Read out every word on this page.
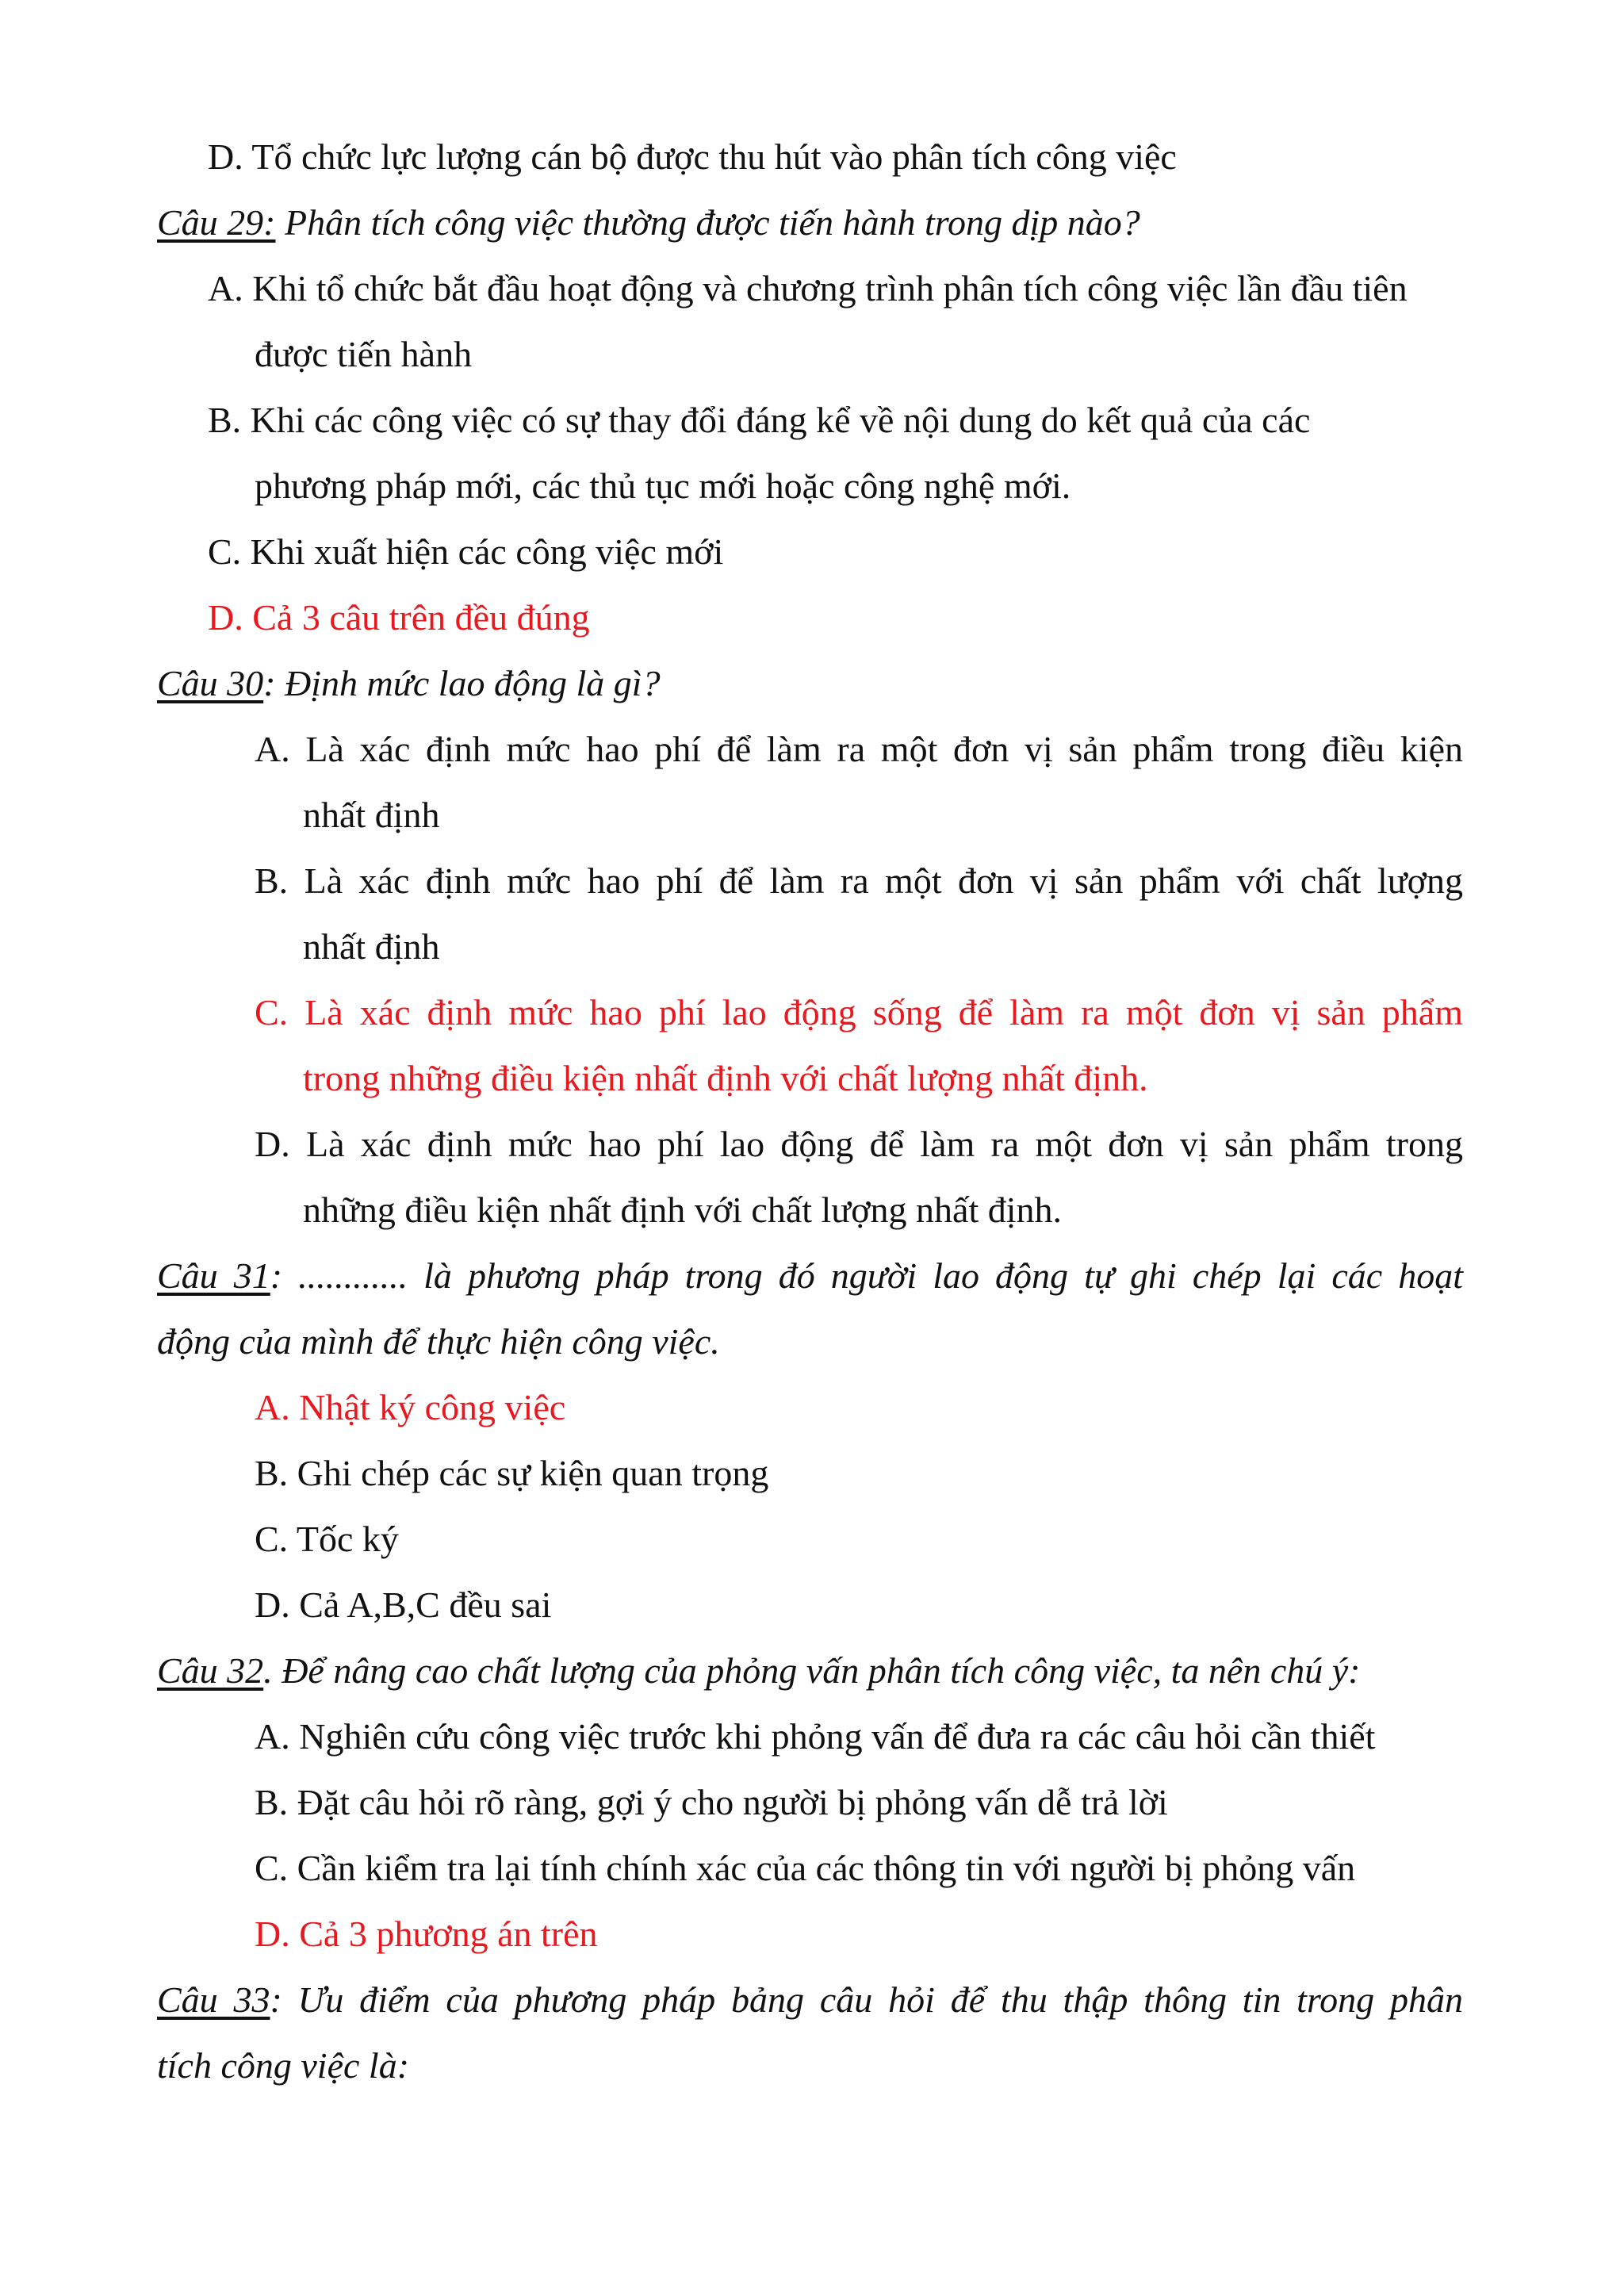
D. Tổ chức lực lượng cán bộ được thu hút vào phân tích công việc

Câu 29: Phân tích công việc thường được tiến hành trong dịp nào?

A. Khi tổ chức bắt đầu hoạt động và chương trình phân tích công việc lần đầu tiên

được tiến hành

B. Khi các công việc có sự thay đổi đáng kể về nội dung do kết quả của các

phương pháp mới, các thủ tục mới hoặc công nghệ mới.

C. Khi xuất hiện các công việc mới

D. Cả 3 câu trên đều đúng

Câu 30: Định mức lao động là gì?

A. Là xác định mức hao phí để làm ra một đơn vị sản phẩm trong điều kiện

nhất định

B. Là xác định mức hao phí để làm ra một đơn vị sản phẩm với chất lượng

nhất định

C. Là xác định mức hao phí lao động sống để làm ra một đơn vị sản phẩm

trong những điều kiện nhất định với chất lượng nhất định.

D. Là xác định mức hao phí lao động để làm ra một đơn vị sản phẩm trong

những điều kiện nhất định với chất lượng nhất định.

Câu 31: ............ là phương pháp trong đó người lao động tự ghi chép lại các hoạt

động của mình để thực hiện công việc.

A. Nhật ký công việc

B. Ghi chép các sự kiện quan trọng

C. Tốc ký

D. Cả A,B,C đều sai

Câu 32. Để nâng cao chất lượng của phỏng vấn phân tích công việc, ta nên chú ý:

A. Nghiên cứu công việc trước khi phỏng vấn để đưa ra các câu hỏi cần thiết

B. Đặt câu hỏi rõ ràng, gợi ý cho người bị phỏng vấn dễ trả lời

C. Cần kiểm tra lại tính chính xác của các thông tin với người bị phỏng vấn

D. Cả 3 phương án trên

Câu 33: Ưu điểm của phương pháp bảng câu hỏi để thu thập thông tin trong phân

tích công việc là:
